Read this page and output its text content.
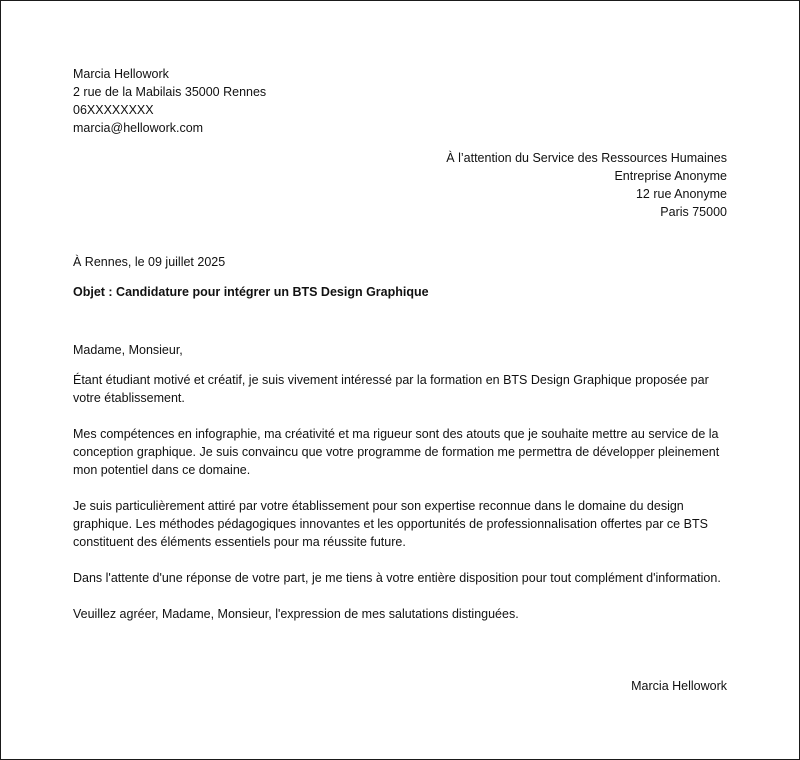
Marcia Hellowork
2 rue de la Mabilais 35000 Rennes
06XXXXXXXX
marcia@hellowork.com
À l’attention du Service des Ressources Humaines
Entreprise Anonyme
12 rue Anonyme
Paris 75000
À Rennes, le 09 juillet 2025
Objet : Candidature pour intégrer un BTS Design Graphique

Madame, Monsieur,

Étant étudiant motivé et créatif, je suis vivement intéressé par la formation en BTS Design Graphique proposée par votre établissement.

Mes compétences en infographie, ma créativité et ma rigueur sont des atouts que je souhaite mettre au service de la conception graphique. Je suis convaincu que votre programme de formation me permettra de développer pleinement mon potentiel dans ce domaine.

Je suis particulièrement attiré par votre établissement pour son expertise reconnue dans le domaine du design graphique. Les méthodes pédagogiques innovantes et les opportunités de professionnalisation offertes par ce BTS constituent des éléments essentiels pour ma réussite future.

Dans l'attente d'une réponse de votre part, je me tiens à votre entière disposition pour tout complément d'information.

Veuillez agréer, Madame, Monsieur, l'expression de mes salutations distinguées.

Marcia Hellowork
